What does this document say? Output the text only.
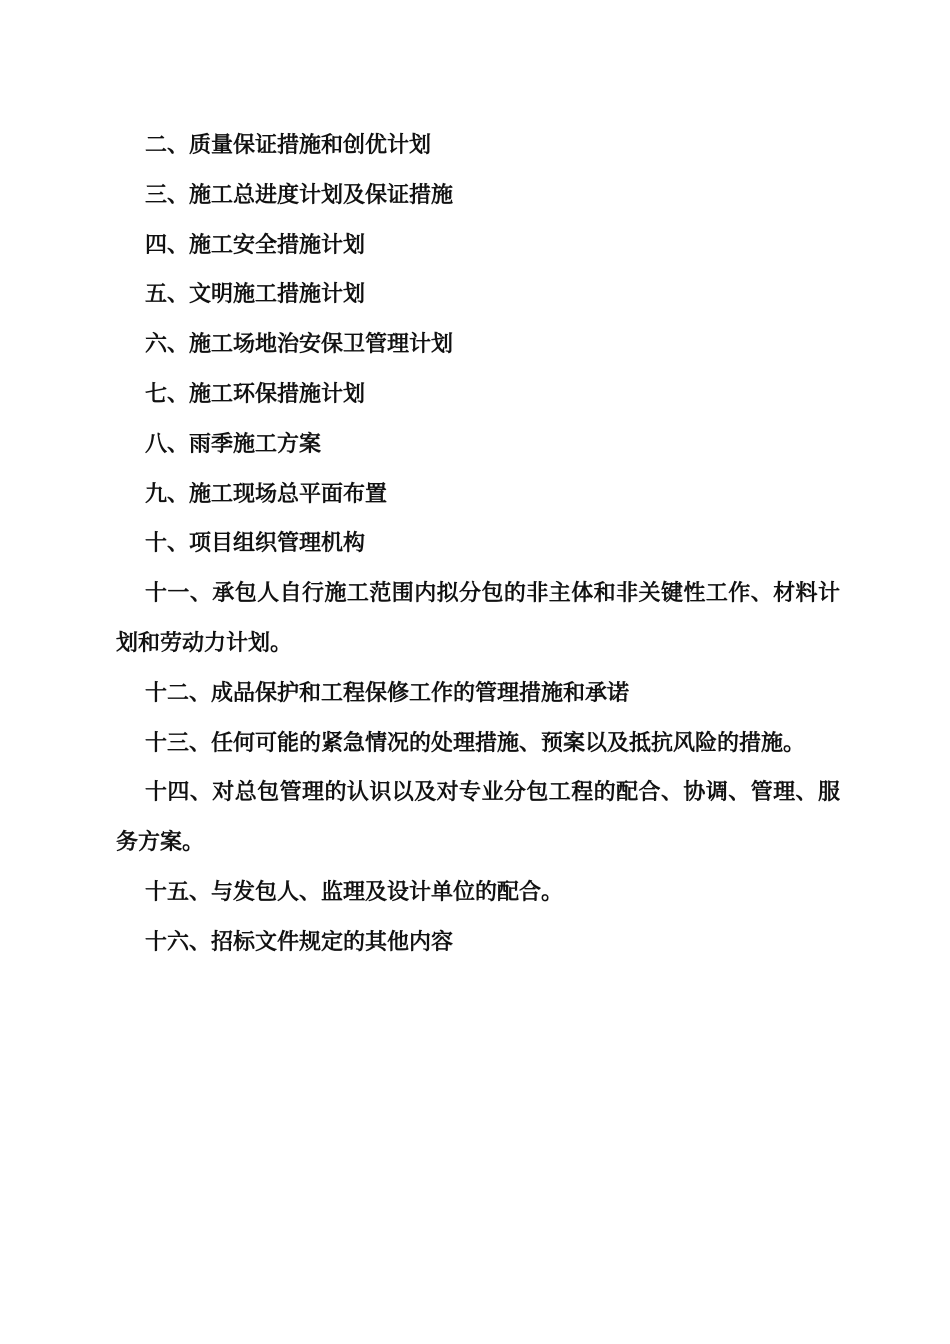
二、质量保证措施和创优计划

三、施工总进度计划及保证措施

四、施工安全措施计划

五、文明施工措施计划

六、施工场地治安保卫管理计划

七、施工环保措施计划

八、雨季施工方案

九、施工现场总平面布置

十、项目组织管理机构

十一、承包人自行施工范围内拟分包的非主体和非关键性工作、材料计划和劳动力计划。

十二、成品保护和工程保修工作的管理措施和承诺

十三、任何可能的紧急情况的处理措施、预案以及抵抗风险的措施。

十四、对总包管理的认识以及对专业分包工程的配合、协调、管理、服务方案。

十五、与发包人、监理及设计单位的配合。

十六、招标文件规定的其他内容
